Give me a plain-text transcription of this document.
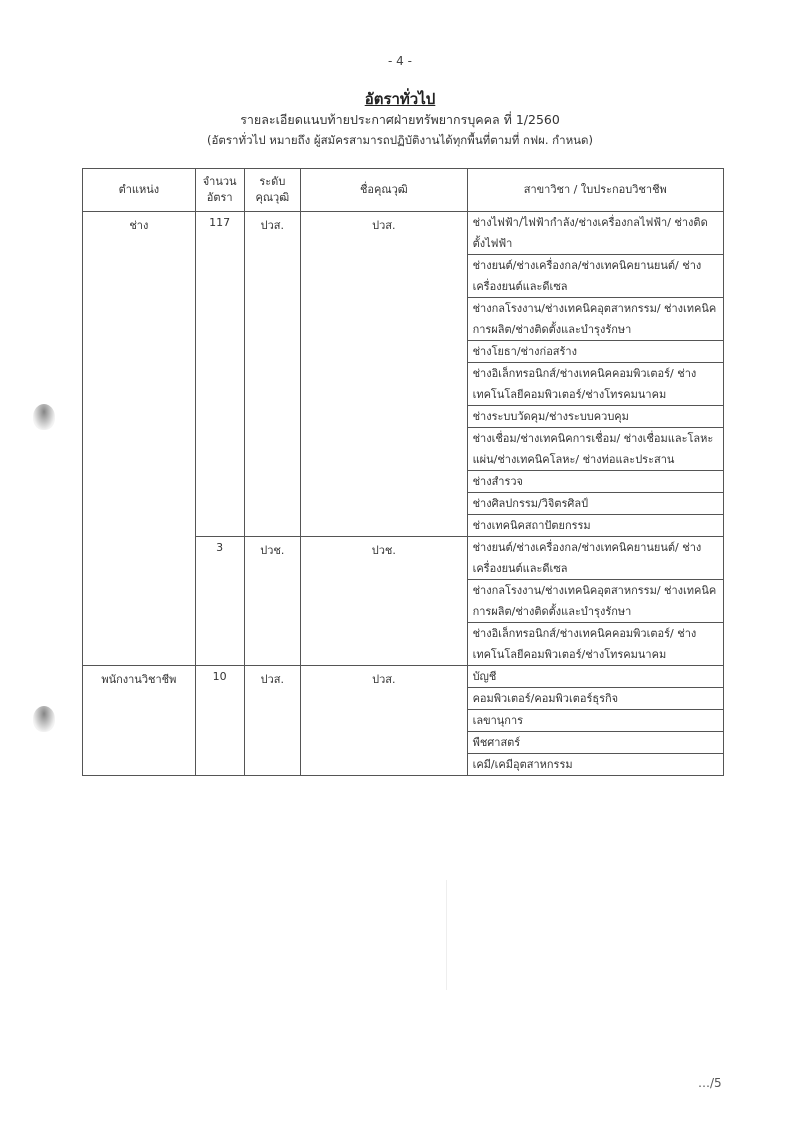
- 4 -
อัตราทั่วไป
รายละเอียดแนบท้ายประกาศฝ่ายทรัพยากรบุคคล ที่ 1/2560
(อัตราทั่วไป หมายถึง ผู้สมัครสามารถปฏิบัติงานได้ทุกพื้นที่ตามที่ กฟผ. กำหนด)
ตำแหน่ง	จำนวน อัตรา	ระดับ คุณวุฒิ	ชื่อคุณวุฒิ	สาขาวิชา / ใบประกอบวิชาชีพ
ช่าง	117	ปวส.	ปวส.	ช่างไฟฟ้า/ไฟฟ้ากำลัง/ช่างเครื่องกลไฟฟ้า/ ช่างติดตั้งไฟฟ้า
				ช่างยนต์/ช่างเครื่องกล/ช่างเทคนิคยานยนต์/ ช่างเครื่องยนต์และดีเซล
				ช่างกลโรงงาน/ช่างเทคนิคอุตสาหกรรม/ ช่างเทคนิคการผลิต/ช่างติดตั้งและบำรุงรักษา
				ช่างโยธา/ช่างก่อสร้าง
				ช่างอิเล็กทรอนิกส์/ช่างเทคนิคคอมพิวเตอร์/ ช่างเทคโนโลยีคอมพิวเตอร์/ช่างโทรคมนาคม
				ช่างระบบวัดคุม/ช่างระบบควบคุม
				ช่างเชื่อม/ช่างเทคนิคการเชื่อม/ ช่างเชื่อมและโลหะแผ่น/ช่างเทคนิคโลหะ/ ช่างท่อและประสาน
				ช่างสำรวจ
				ช่างศิลปกรรม/วิจิตรศิลป์
				ช่างเทคนิคสถาปัตยกรรม
	3	ปวช.	ปวช.	ช่างยนต์/ช่างเครื่องกล/ช่างเทคนิคยานยนต์/ ช่างเครื่องยนต์และดีเซล
				ช่างกลโรงงาน/ช่างเทคนิคอุตสาหกรรม/ ช่างเทคนิคการผลิต/ช่างติดตั้งและบำรุงรักษา
				ช่างอิเล็กทรอนิกส์/ช่างเทคนิคคอมพิวเตอร์/ ช่างเทคโนโลยีคอมพิวเตอร์/ช่างโทรคมนาคม
พนักงานวิชาชีพ	10	ปวส.	ปวส.	บัญชี
				คอมพิวเตอร์/คอมพิวเตอร์ธุรกิจ
				เลขานุการ
				พืชศาสตร์
				เคมี/เคมีอุตสาหกรรม
…/5
